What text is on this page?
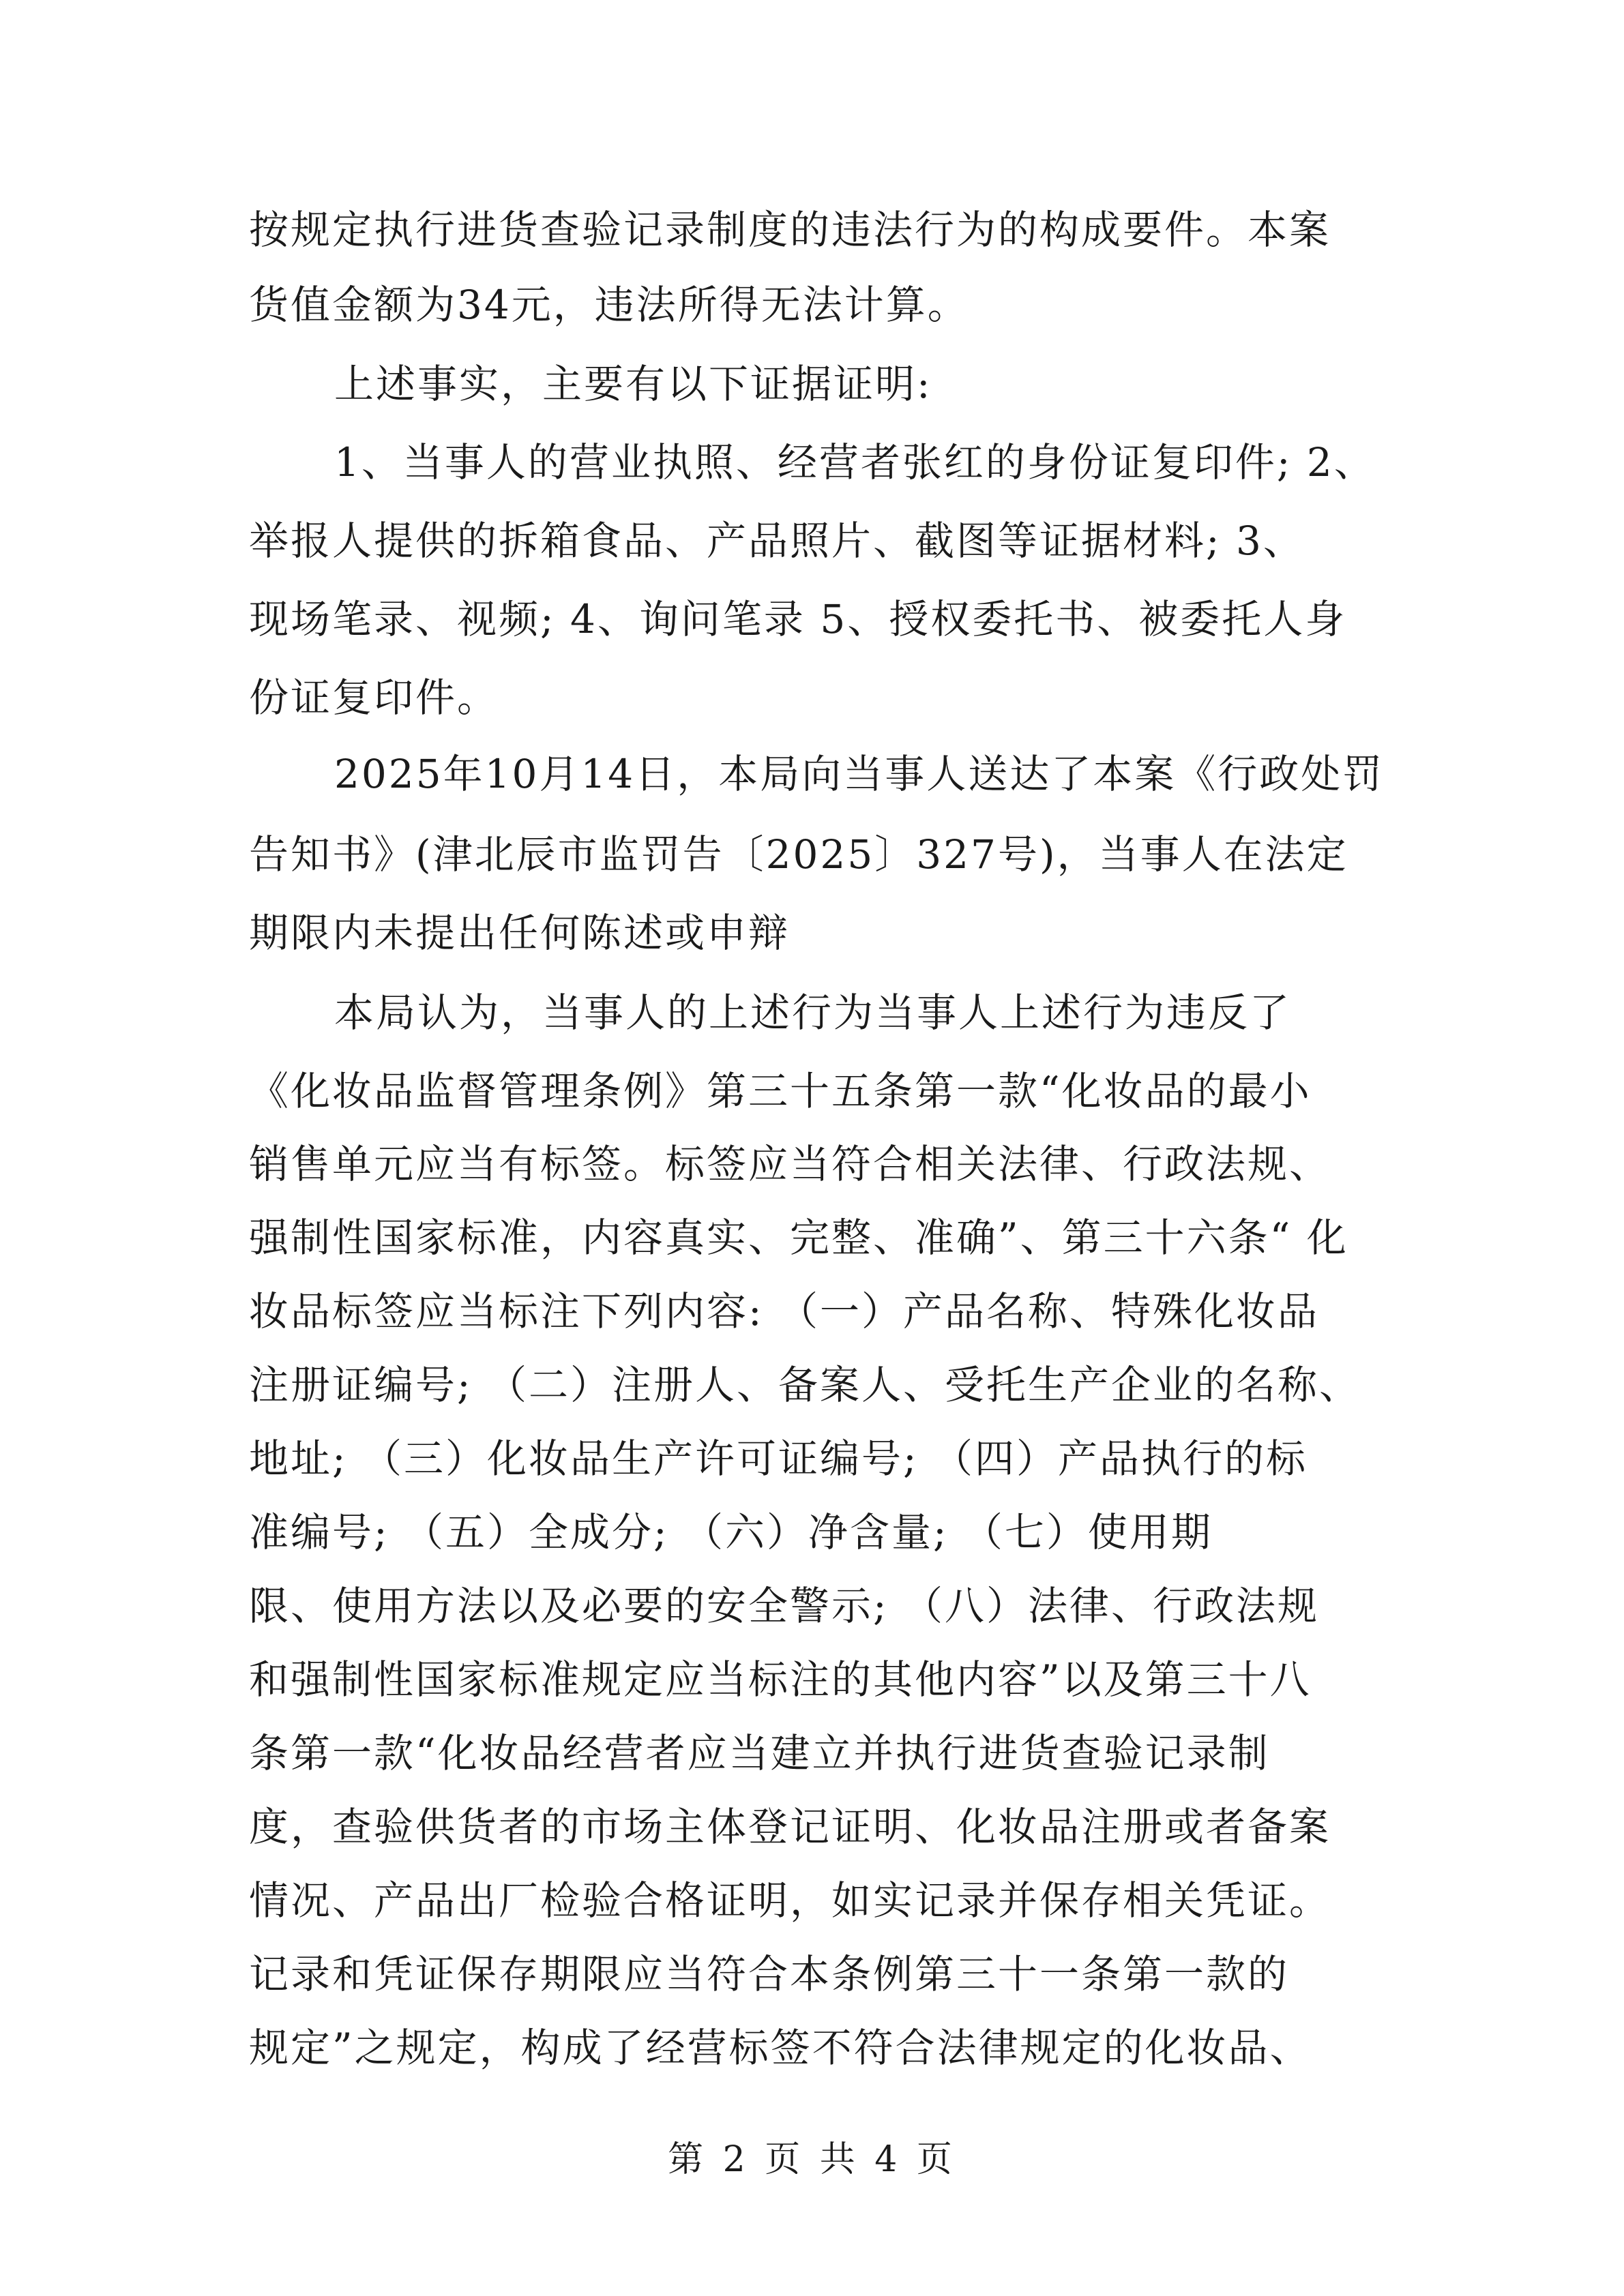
按规定执行进货查验记录制度的违法行为的构成要件。本案
货值金额为34元，违法所得无法计算。
上述事实，主要有以下证据证明:
1、当事人的营业执照、经营者张红的身份证复印件; 2、
举报人提供的拆箱食品、产品照片、截图等证据材料; 3、
现场笔录、视频; 4、询问笔录 5、授权委托书、被委托人身
份证复印件。
2025年10月14日，本局向当事人送达了本案《行政处罚
告知书》(津北辰市监罚告〔2025〕327号)，当事人在法定
期限内未提出任何陈述或申辩
本局认为，当事人的上述行为当事人上述行为违反了
《化妆品监督管理条例》第三十五条第一款“化妆品的最小
销售单元应当有标签。标签应当符合相关法律、行政法规、
强制性国家标准，内容真实、完整、准确”、第三十六条“ 化
妆品标签应当标注下列内容: （一）产品名称、特殊化妆品
注册证编号; （二）注册人、备案人、受托生产企业的名称、
地址; （三）化妆品生产许可证编号; （四）产品执行的标
准编号; （五）全成分; （六）净含量; （七）使用期
限、使用方法以及必要的安全警示; （八）法律、行政法规
和强制性国家标准规定应当标注的其他内容”以及第三十八
条第一款“化妆品经营者应当建立并执行进货查验记录制
度，查验供货者的市场主体登记证明、化妆品注册或者备案
情况、产品出厂检验合格证明，如实记录并保存相关凭证。
记录和凭证保存期限应当符合本条例第三十一条第一款的
第 2 页 共 4 页
规定”之规定，构成了经营标签不符合法律规定的化妆品、
